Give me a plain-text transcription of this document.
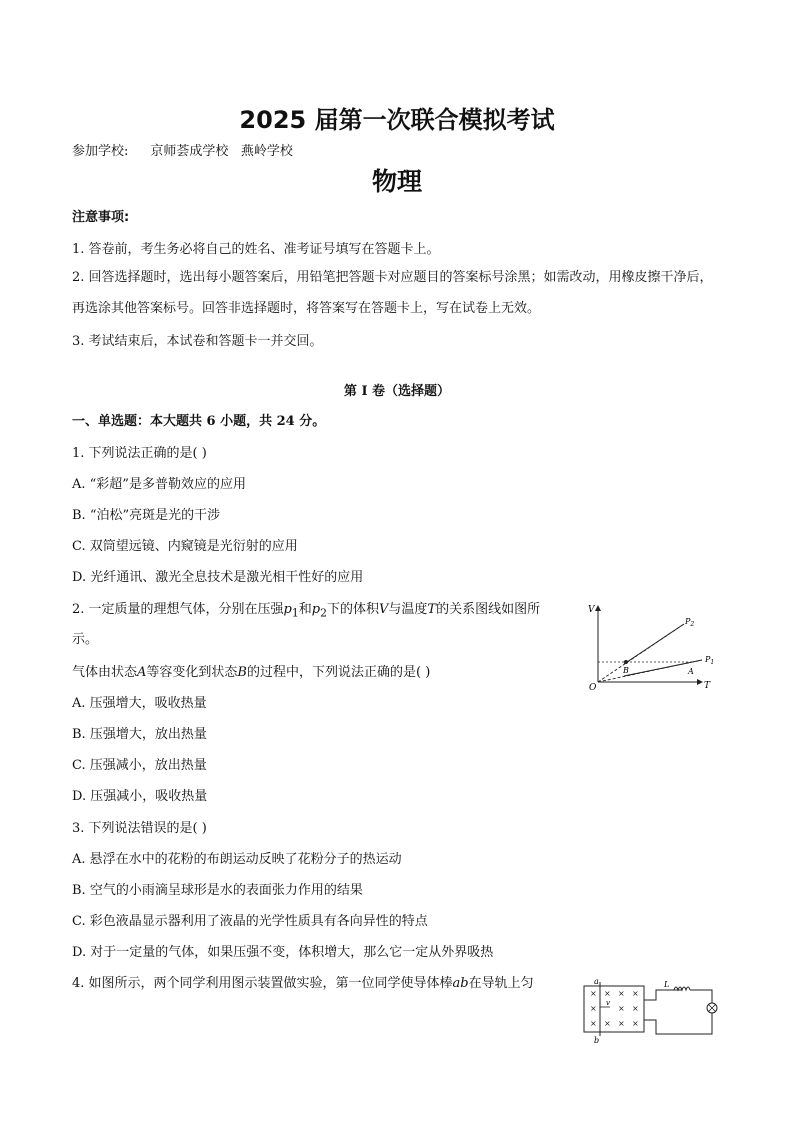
2025 届第一次联合模拟考试
参加学校: 京师荟成学校 燕岭学校
物理
注意事项:
1. 答卷前，考生务必将自己的姓名、准考证号填写在答题卡上。
2. 回答选择题时，选出每小题答案后，用铅笔把答题卡对应题目的答案标号涂黑；如需改动，用橡皮擦干净后，再选涂其他答案标号。回答非选择题时，将答案写在答题卡上，写在试卷上无效。
3. 考试结束后，本试卷和答题卡一并交回。
第 I 卷（选择题）
一、单选题：本大题共 6 小题，共 24 分。
1. 下列说法正确的是( )
A. “彩超”是多普勒效应的应用
B. “泊松”亮斑是光的干涉
C. 双筒望远镜、内窥镜是光衍射的应用
D. 光纤通讯、激光全息技术是激光相干性好的应用
2. 一定质量的理想气体，分别在压强$p_1$和$p_2$下的体积V与温度T的关系图线如图所
示。
气体由状态A等容变化到状态B的过程中，下列说法正确的是( )
A. 压强增大，吸收热量
B. 压强增大，放出热量
C. 压强减小，放出热量
D. 压强减小，吸收热量
V
T
O
$P_2$
$P_1$
A
B
3. 下列说法错误的是( )
A. 悬浮在水中的花粉的布朗运动反映了花粉分子的热运动
B. 空气的小雨滴呈球形是水的表面张力作用的结果
C. 彩色液晶显示器利用了液晶的光学性质具有各向异性的特点
D. 对于一定量的气体，如果压强不变，体积增大，那么它一定从外界吸热
4. 如图所示，两个同学利用图示装置做实验，第一位同学使导体棒ab在导轨上匀
× × × ×
×	× ×
× × × ×
a
b
v
L
